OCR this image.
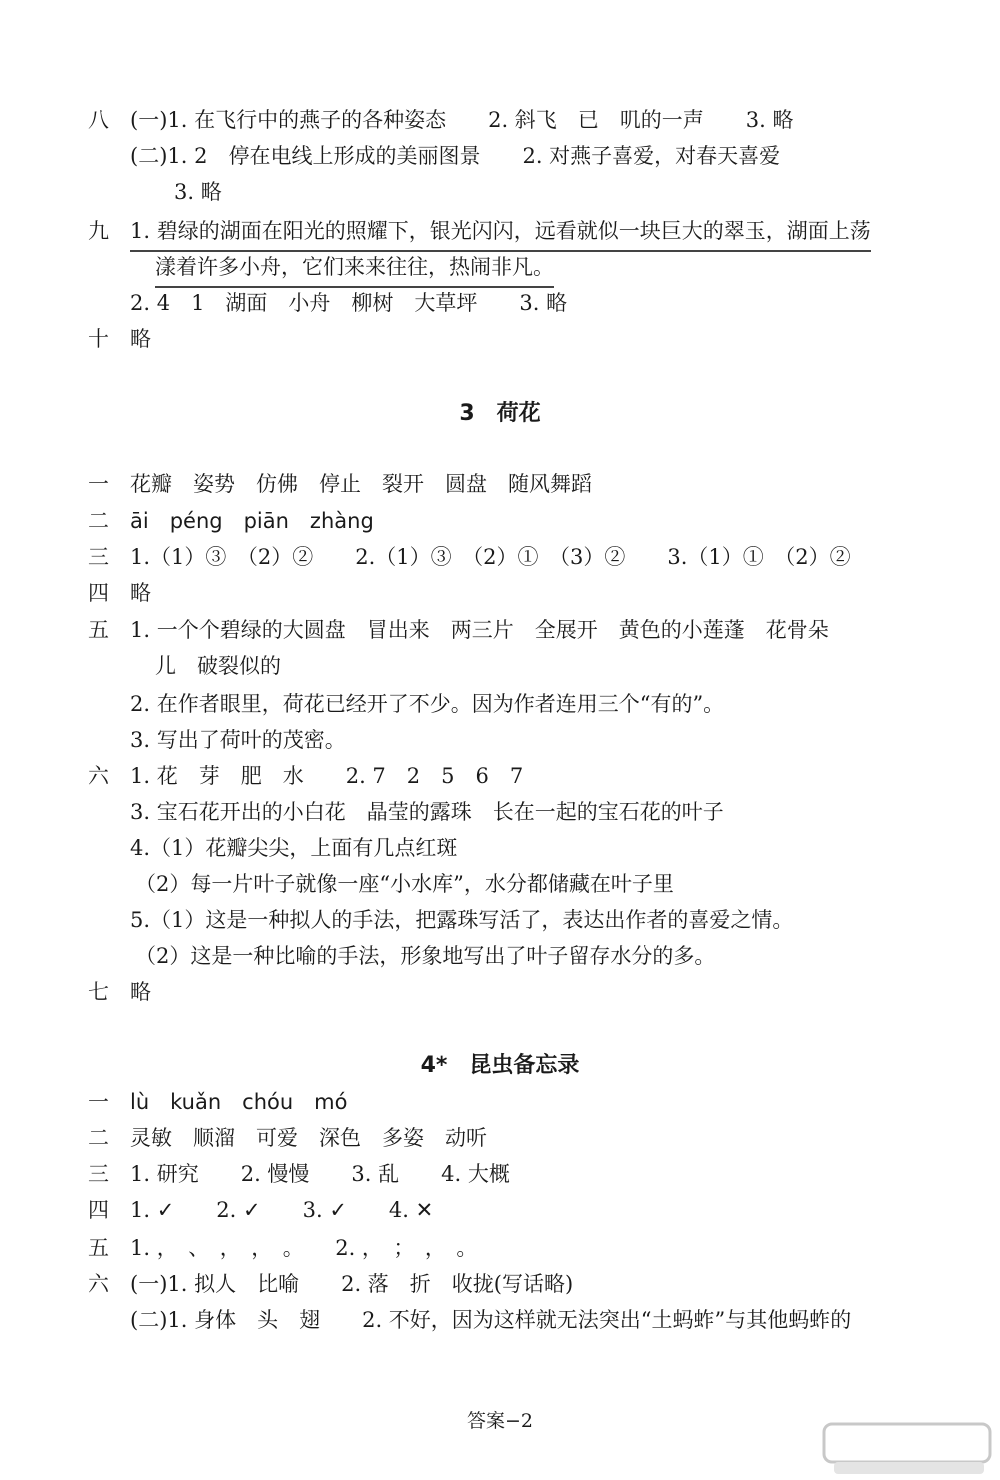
3　荷花
4*　昆虫备忘录
八 (一)1. 在飞行中的燕子的各种姿态　　2. 斜飞　已　叽的一声　　3. 略
(二)1. 2　停在电线上形成的美丽图景　　2. 对燕子喜爱，对春天喜爱
3. 略
九 1. 碧绿的湖面在阳光的照耀下，银光闪闪，远看就似一块巨大的翠玉，湖面上荡
漾着许多小舟，它们来来往往，热闹非凡。
2. 4　1　湖面　小舟　柳树　大草坪　　3. 略
十 略
一 花瓣　姿势　仿佛　停止　裂开　圆盘　随风舞蹈
二 āi　péng　piān　zhàng
三 1.（1）③　（2）②　　2.（1）③　（2）①　（3）②　　3.（1）①　（2）②
四 略
五 1. 一个个碧绿的大圆盘　冒出来　两三片　全展开　黄色的小莲蓬　花骨朵
儿　破裂似的
2. 在作者眼里，荷花已经开了不少。因为作者连用三个“有的”。
3. 写出了荷叶的茂密。
六 1. 花　芽　肥　水　　2. 7　2　5　6　7
3. 宝石花开出的小白花　晶莹的露珠　长在一起的宝石花的叶子
4.（1）花瓣尖尖，上面有几点红斑
（2）每一片叶子就像一座“小水库”，水分都储藏在叶子里
5.（1）这是一种拟人的手法，把露珠写活了，表达出作者的喜爱之情。
（2）这是一种比喻的手法，形象地写出了叶子留存水分的多。
七 略
一 lù　kuǎn　chóu　mó
二 灵敏　顺溜　可爱　深色　多姿　动听
三 1. 研究　　2. 慢慢　　3. 乱　　4. 大概
四 1. ✓　　2. ✓　　3. ✓　　4. ✕
五 1. ，　、　，　，　。　　2. ，　；　，　。
六 (一)1. 拟人　比喻　　2. 落　折　收拢(写话略)
(二)1. 身体　头　翅　　2. 不好，因为这样就无法突出“土蚂蚱”与其他蚂蚱的
答案−2
